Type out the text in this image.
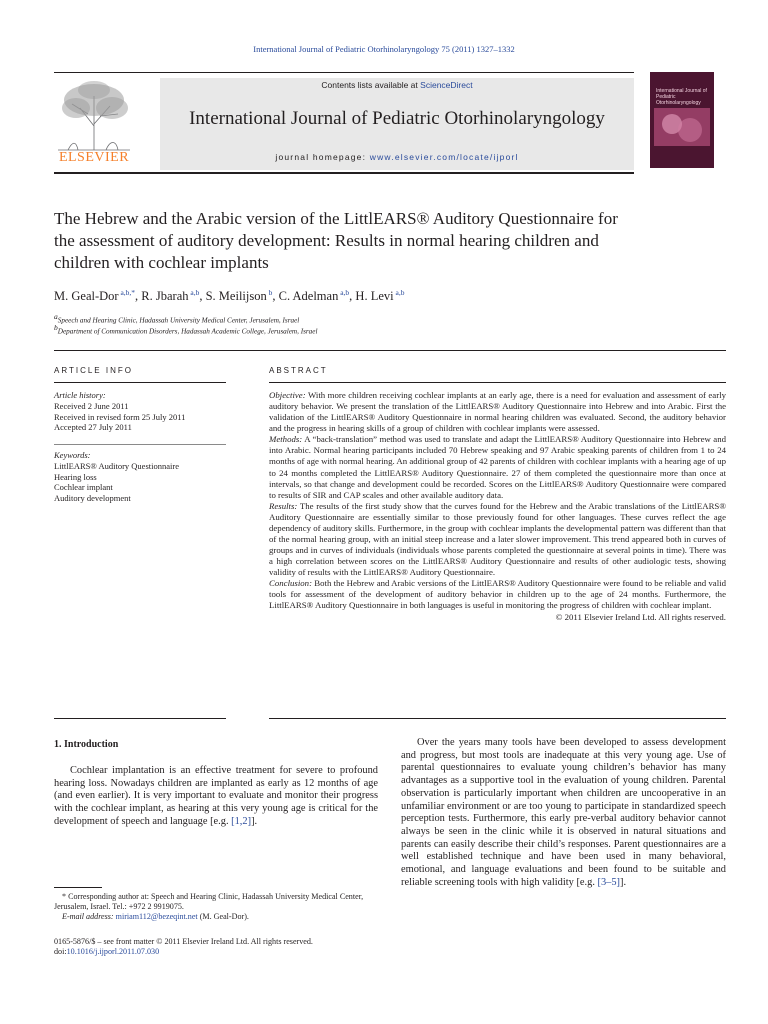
International Journal of Pediatric Otorhinolaryngology 75 (2011) 1327–1332
ELSEVIER
Contents lists available at ScienceDirect
International Journal of Pediatric Otorhinolaryngology
journal homepage: www.elsevier.com/locate/ijporl
International Journal of
Pediatric Otorhinolaryngology
The Hebrew and the Arabic version of the LittlEARS® Auditory Questionnaire for
the assessment of auditory development: Results in normal hearing children and
children with cochlear implants
M. Geal-Dor $^{a,b,*}$, R. Jbarah $^{a,b}$, S. Meilijson $^b$, C. Adelman $^{a,b}$, H. Levi $^{a,b}$
$^a$Speech and Hearing Clinic, Hadassah University Medical Center, Jerusalem, Israel
$^b$Department of Communication Disorders, Hadassah Academic College, Jerusalem, Israel
ARTICLE INFO
Article history:
Received 2 June 2011
Received in revised form 25 July 2011
Accepted 27 July 2011
Keywords:
LittlEARS® Auditory Questionnaire
Hearing loss
Cochlear implant
Auditory development
ABSTRACT

Objective: With more children receiving cochlear implants at an early age, there is a need for evaluation and assessment of early auditory behavior. We present the translation of the LittlEARS® Auditory Questionnaire into Hebrew and into Arabic. First the validation of the LittlEARS® Auditory Questionnaire in normal hearing children was evaluated. Second, the auditory behavior and the progress in hearing skills of a group of children with cochlear implants were assessed.

Methods: A “back-translation” method was used to translate and adapt the LittlEARS® Auditory Questionnaire into Hebrew and into Arabic. Normal hearing participants included 70 Hebrew speaking and 97 Arabic speaking parents of children from 1 to 24 months of age with normal hearing. An additional group of 42 parents of children with cochlear implants with a hearing age of up to 24 months completed the LittlEARS® Auditory Questionnaire. 27 of them completed the questionnaire more than once at intervals, so that change and development could be recorded. Scores on the LittlEARS® Auditory Questionnaire were compared to results of SIR and CAP scales and other available auditory data.

Results: The results of the first study show that the curves found for the Hebrew and the Arabic translations of the LittlEARS® Auditory Questionnaire are essentially similar to those previously found for other languages. These curves reflect the age dependency of auditory skills. Furthermore, in the group with cochlear implants the developmental pattern was different than that of the normal hearing group, with an initial steep increase and a later slower improvement. This trend appeared both in curves of groups and in curves of individuals (individuals whose parents completed the questionnaire at several points in time). There was a high correlation between scores on the LittlEARS® Auditory Questionnaire and results of other audiologic tests, showing validity of results with the LittlEARS® Auditory Questionnaire.

Conclusion: Both the Hebrew and Arabic versions of the LittlEARS® Auditory Questionnaire were found to be reliable and valid tools for assessment of the development of auditory behavior in children up to the age of 24 months. Furthermore, the LittlEARS® Auditory Questionnaire in both languages is useful in monitoring the progress of children with cochlear implant.

© 2011 Elsevier Ireland Ltd. All rights reserved.

1. Introduction

Cochlear implantation is an effective treatment for severe to profound hearing loss. Nowadays children are implanted as early as 12 months of age (and even earlier). It is very important to evaluate and monitor their progress with the cochlear implant, as hearing at this very young age is critical for the development of speech and language [e.g. [1,2]].

* Corresponding author at: Speech and Hearing Clinic, Hadassah University Medical Center, Jerusalem, Israel. Tel.: +972 2 9919075.
E-mail address: miriam112@bezeqint.net (M. Geal-Dor).
0165-5876/$ – see front matter © 2011 Elsevier Ireland Ltd. All rights reserved.
doi:10.1016/j.ijporl.2011.07.030

Over the years many tools have been developed to assess development and progress, but most tools are inadequate at this very young age. Use of parental questionnaires to evaluate young children’s behavior has many advantages as a supportive tool in the evaluation of young children. Parental observation is particularly important when children are uncooperative in an unfamiliar environment or are too young to participate in standardized speech perception tests. Furthermore, this early pre-verbal auditory behavior cannot always be seen in the clinic while it is observed in natural situations and parents can easily describe their child’s responses. Parent questionnaires are a well established technique and have been used in many behavioral, emotional, and language evaluations and been found to be suitable and reliable screening tools with high validity [e.g. [3–5]].
